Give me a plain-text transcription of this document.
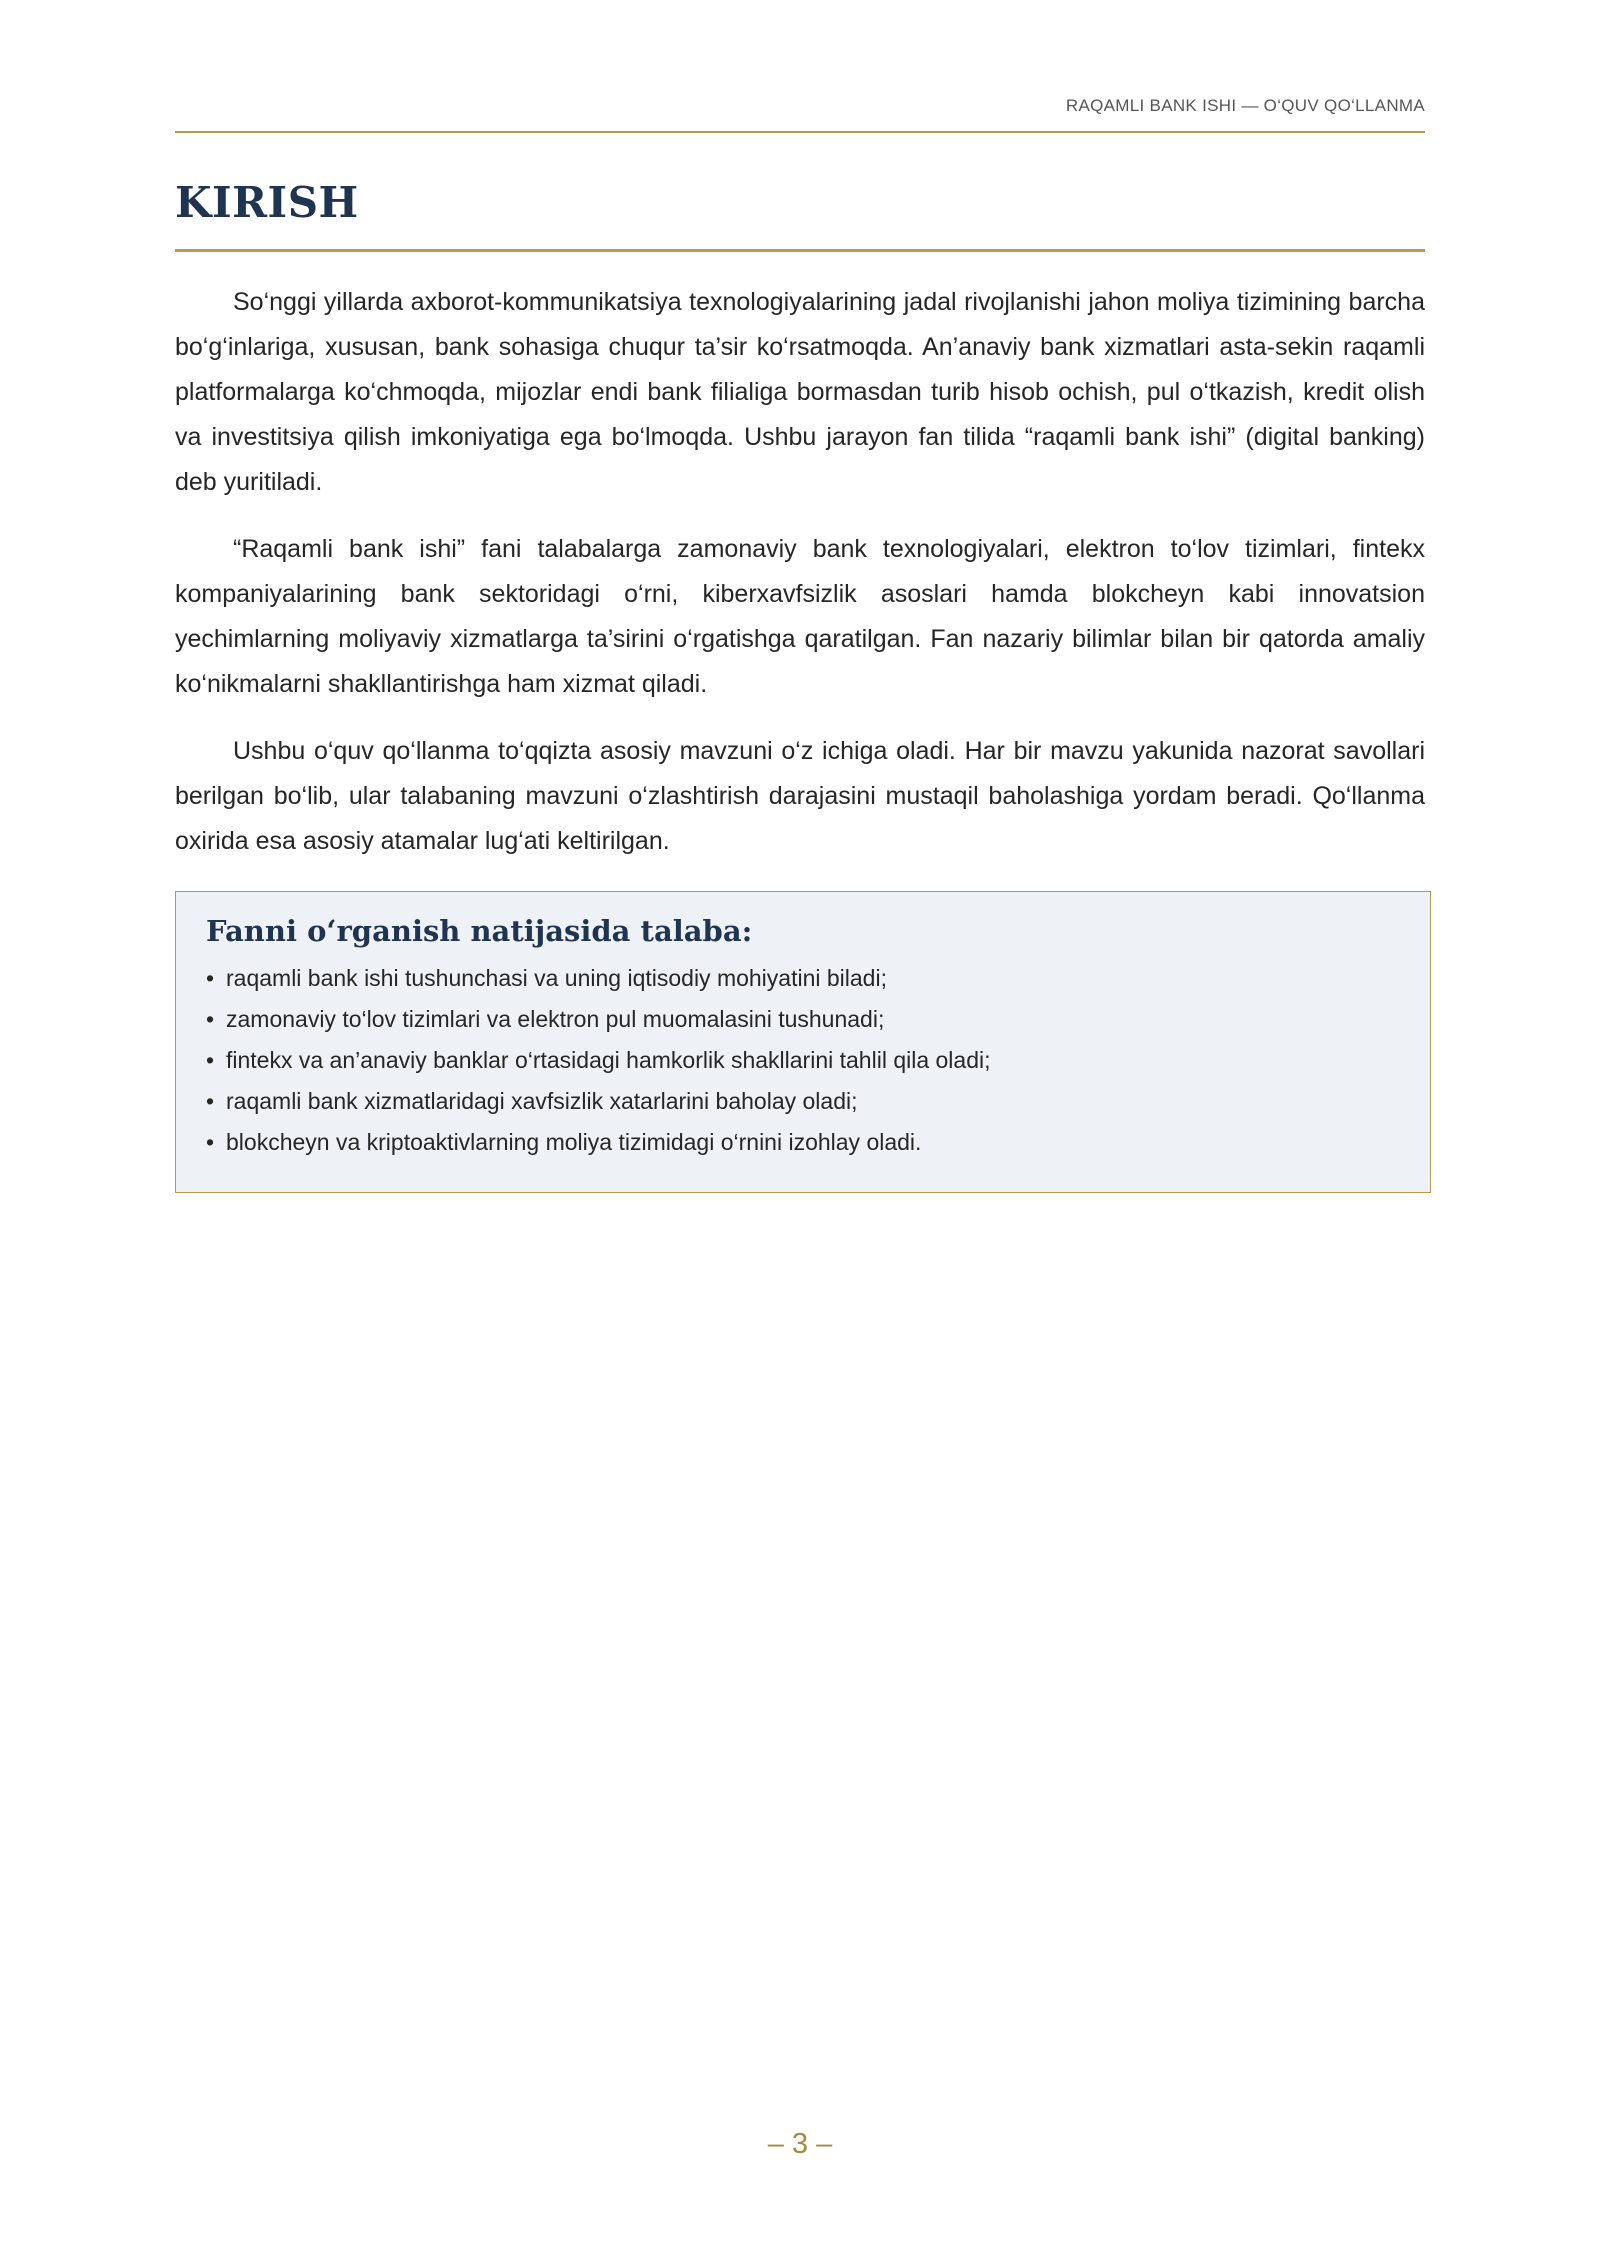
RAQAMLI BANK ISHI — O‘QUV QO‘LLANMA
KIRISH

So‘nggi yillarda axborot-kommunikatsiya texnologiyalarining jadal rivojlanishi jahon moliya tizimining barcha bo‘g‘inlariga, xususan, bank sohasiga chuqur ta’sir ko‘rsatmoqda. An’anaviy bank xizmatlari asta-sekin raqamli platformalarga ko‘chmoqda, mijozlar endi bank filialiga bormasdan turib hisob ochish, pul o‘tkazish, kredit olish va investitsiya qilish imkoniyatiga ega bo‘lmoqda. Ushbu jarayon fan tilida “raqamli bank ishi” (digital banking) deb yuritiladi.

“Raqamli bank ishi” fani talabalarga zamonaviy bank texnologiyalari, elektron to‘lov tizimlari, fintekx kompaniyalarining bank sektoridagi o‘rni, kiberxavfsizlik asoslari hamda blokcheyn kabi innovatsion yechimlarning moliyaviy xizmatlarga ta’sirini o‘rgatishga qaratilgan. Fan nazariy bilimlar bilan bir qatorda amaliy ko‘nikmalarni shakllantirishga ham xizmat qiladi.

Ushbu o‘quv qo‘llanma to‘qqizta asosiy mavzuni o‘z ichiga oladi. Har bir mavzu yakunida nazorat savollari berilgan bo‘lib, ular talabaning mavzuni o‘zlashtirish darajasini mustaqil baholashiga yordam beradi. Qo‘llanma oxirida esa asosiy atamalar lug‘ati keltirilgan.

Fanni o‘rganish natijasida talaba:
• raqamli bank ishi tushunchasi va uning iqtisodiy mohiyatini biladi;
• zamonaviy to‘lov tizimlari va elektron pul muomalasini tushunadi;
• fintekx va an’anaviy banklar o‘rtasidagi hamkorlik shakllarini tahlil qila oladi;
• raqamli bank xizmatlaridagi xavfsizlik xatarlarini baholay oladi;
• blokcheyn va kriptoaktivlarning moliya tizimidagi o‘rnini izohlay oladi.
– 3 –
